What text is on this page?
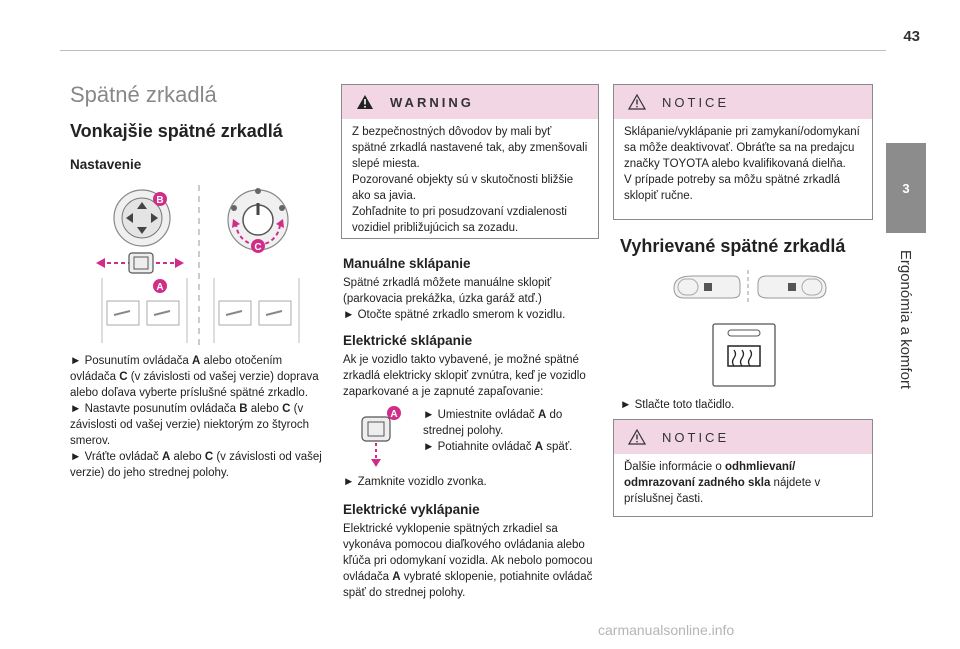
43
3
Ergonómia a komfort
Spätné zrkadlá
Vonkajšie spätné zrkadlá
Nastavenie
B
A
C
► Posunutím ovládača A alebo otočením ovládača C (v závislosti od vašej verzie) doprava alebo doľava vyberte príslušné spätné zrkadlo.
► Nastavte posunutím ovládača B alebo C (v závislosti od vašej verzie) niektorým zo štyroch smerov.
► Vráťte ovládač A alebo C (v závislosti od vašej verzie) do jeho strednej polohy.
WARNING
Z bezpečnostných dôvodov by mali byť spätné zrkadlá nastavené tak, aby zmenšovali slepé miesta.
Pozorované objekty sú v skutočnosti bližšie ako sa javia.
Zohľadnite to pri posudzovaní vzdialenosti vozidiel približujúcich sa zozadu.
Manuálne sklápanie
Spätné zrkadlá môžete manuálne sklopiť (parkovacia prekážka, úzka garáž atď.)
► Otočte spätné zrkadlo smerom k vozidlu.
Elektrické sklápanie
Ak je vozidlo takto vybavené, je možné spätné zrkadlá elektricky sklopiť zvnútra, keď je vozidlo zaparkované a je zapnuté zapaľovanie:
A ► Umiestnite ovládač A do strednej polohy.
► Potiahnite ovládač A späť.
► Zamknite vozidlo zvonka.
Elektrické vyklápanie
Elektrické vyklopenie spätných zrkadiel sa vykonáva pomocou diaľkového ovládania alebo kľúča pri odomykaní vozidla. Ak nebolo pomocou ovládača A vybraté sklopenie, potiahnite ovládač späť do strednej polohy.
NOTICE
Sklápanie/vyklápanie pri zamykaní/odomykaní sa môže deaktivovať. Obráťte sa na predajcu značky TOYOTA alebo kvalifikovaná dielňa.
V prípade potreby sa môžu spätné zrkadlá sklopiť ručne.
Vyhrievané spätné zrkadlá
► Stlačte toto tlačidlo.
NOTICE
Ďalšie informácie o odhmlievaní/ odmrazovaní zadného skla nájdete v príslušnej časti.
carmanualsonline.info
